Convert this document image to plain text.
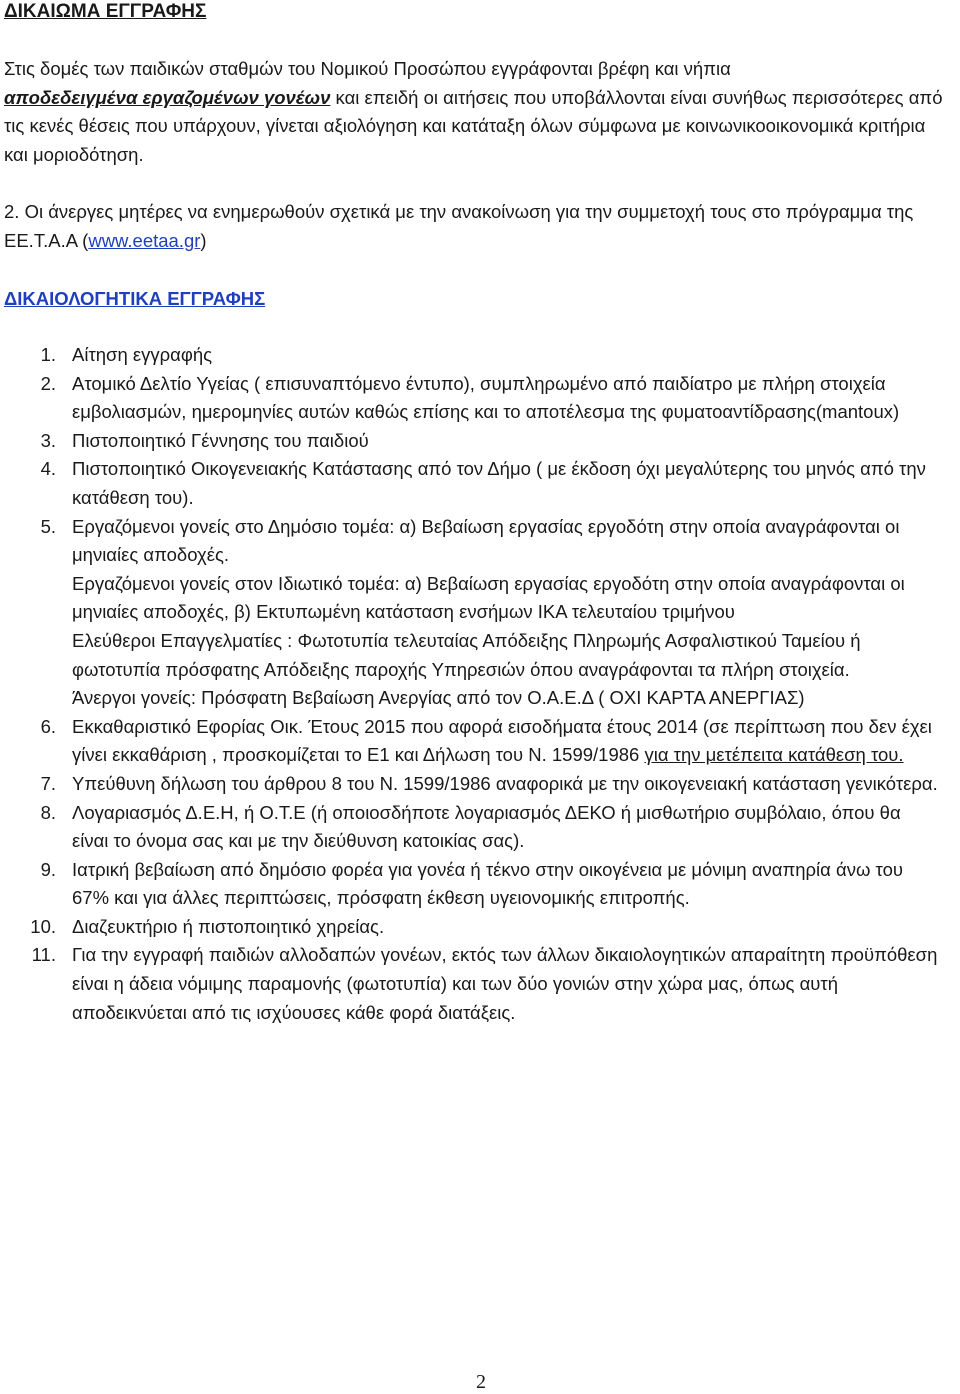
ΔΙΚΑΙΩΜΑ ΕΓΓΡΑΦΗΣ
Στις δομές των παιδικών σταθμών του Νομικού Προσώπου εγγράφονται βρέφη και νήπια
αποδεδειγμένα εργαζομένων γονέων και επειδή οι αιτήσεις που υποβάλλονται είναι συνήθως περισσότερες από τις κενές θέσεις που υπάρχουν, γίνεται αξιολόγηση και κατάταξη όλων σύμφωνα με κοινωνικοοικονομικά κριτήρια και μοριοδότηση.
2. Οι άνεργες μητέρες να ενημερωθούν σχετικά με την ανακοίνωση για την συμμετοχή τους στο πρόγραμμα της ΕΕ.Τ.Α.Α (www.eetaa.gr)
ΔΙΚΑΙΟΛΟΓΗΤΙΚΑ ΕΓΓΡΑΦΗΣ
1. Αίτηση εγγραφής
2. Ατομικό Δελτίο Υγείας ( επισυναπτόμενο έντυπο), συμπληρωμένο από παιδίατρο με πλήρη στοιχεία εμβολιασμών, ημερομηνίες αυτών καθώς επίσης και το αποτέλεσμα της φυματοαντίδρασης(mantoux)
3. Πιστοποιητικό Γέννησης του παιδιού
4. Πιστοποιητικό Οικογενειακής Κατάστασης από τον Δήμο ( με έκδοση όχι μεγαλύτερης του μηνός από την κατάθεση του).
5. Εργαζόμενοι γονείς στο Δημόσιο τομέα: α) Βεβαίωση εργασίας εργοδότη στην οποία αναγράφονται οι μηνιαίες αποδοχές.
Εργαζόμενοι γονείς στον Ιδιωτικό τομέα: α) Βεβαίωση εργασίας εργοδότη στην οποία αναγράφονται οι μηνιαίες αποδοχές, β) Εκτυπωμένη κατάσταση ενσήμων ΙΚΑ τελευταίου τριμήνου
Ελεύθεροι Επαγγελματίες : Φωτοτυπία τελευταίας Απόδειξης Πληρωμής Ασφαλιστικού Ταμείου ή φωτοτυπία πρόσφατης Απόδειξης παροχής Υπηρεσιών όπου αναγράφονται τα πλήρη στοιχεία.
Άνεργοι γονείς: Πρόσφατη Βεβαίωση Ανεργίας από τον Ο.Α.Ε.Δ ( ΟΧΙ ΚΑΡΤΑ ΑΝΕΡΓΙΑΣ)
6. Εκκαθαριστικό Εφορίας Οικ. Έτους 2015 που αφορά εισοδήματα έτους 2014 (σε περίπτωση που δεν έχει γίνει εκκαθάριση , προσκομίζεται το Ε1 και Δήλωση του Ν. 1599/1986 για την μετέπειτα κατάθεση του.
7. Υπεύθυνη δήλωση του άρθρου 8 του Ν. 1599/1986 αναφορικά με την οικογενειακή κατάσταση γενικότερα.
8. Λογαριασμός Δ.Ε.Η, ή Ο.Τ.Ε (ή οποιοσδήποτε λογαριασμός ΔΕΚΟ ή μισθωτήριο συμβόλαιο, όπου θα είναι το όνομα σας και με την διεύθυνση κατοικίας σας).
9. Ιατρική βεβαίωση από δημόσιο φορέα για γονέα ή τέκνο στην οικογένεια με μόνιμη αναπηρία άνω του 67% και για άλλες περιπτώσεις, πρόσφατη έκθεση υγειονομικής επιτροπής.
10. Διαζευκτήριο ή πιστοποιητικό χηρείας.
11. Για την εγγραφή παιδιών αλλοδαπών γονέων, εκτός των άλλων δικαιολογητικών απαραίτητη προϋπόθεση είναι η άδεια νόμιμης παραμονής (φωτοτυπία) και των δύο γονιών στην χώρα μας, όπως αυτή αποδεικνύεται από τις ισχύουσες κάθε φορά διατάξεις.
2
